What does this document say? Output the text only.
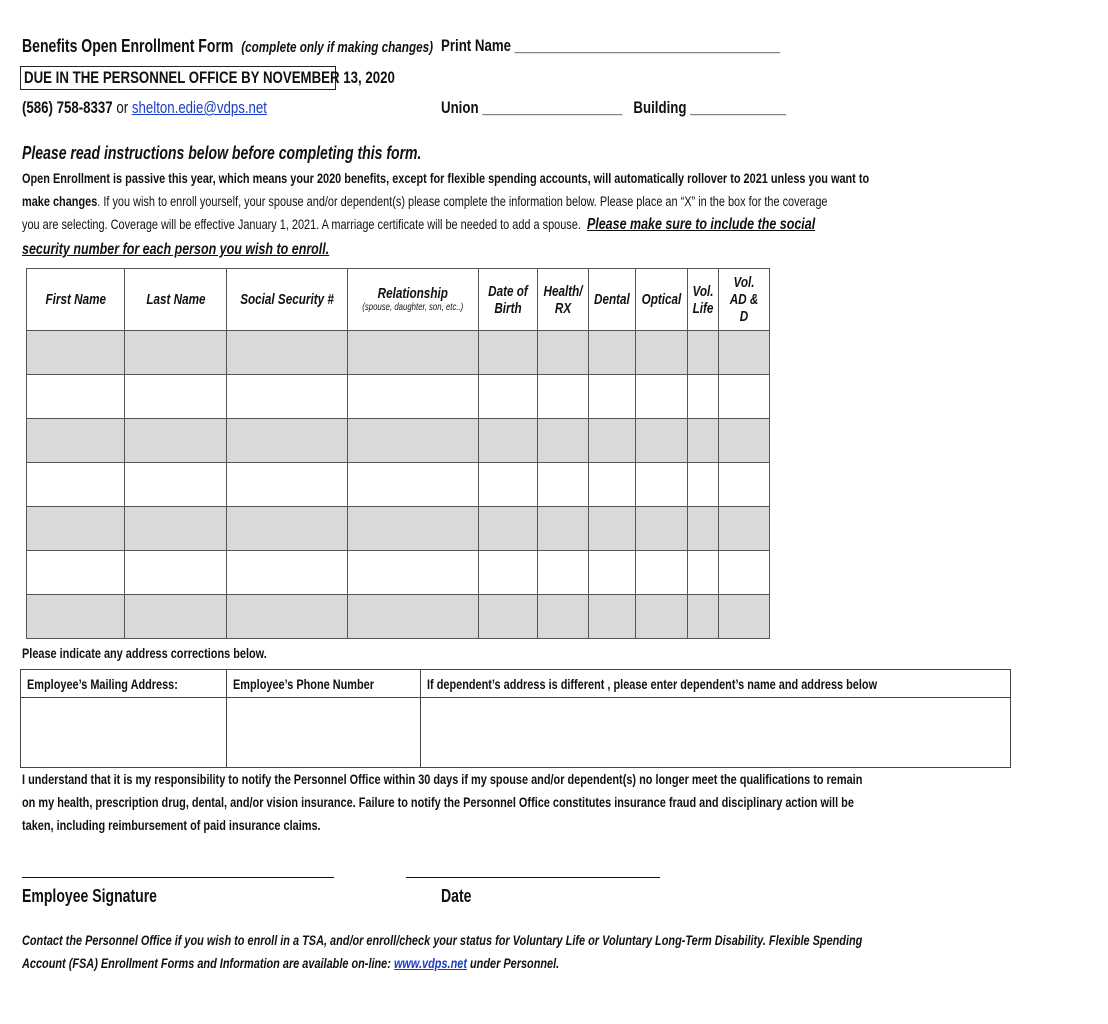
Benefits Open Enrollment Form (complete only if making changes) Print Name ____________________________________
DUE IN THE PERSONNEL OFFICE BY NOVEMBER 13, 2020
(586) 758-8337 or shelton.edie@vdps.net	Union ___________________ Building _____________
Please read instructions below before completing this form.
Open Enrollment is passive this year, which means your 2020 benefits, except for flexible spending accounts, will automatically rollover to 2021 unless you want to
make changes. If you wish to enroll yourself, your spouse and/or dependent(s) please complete the information below. Please place an “X” in the box for the coverage
you are selecting. Coverage will be effective January 1, 2021. A marriage certificate will be needed to add a spouse. Please make sure to include the social
security number for each person you wish to enroll.
First Name	Last Name	Social Security #	Relationship
(spouse, daughter, son, etc..)	Date of Birth	Health/ RX	Dental	Optical	Vol. Life	Vol. AD & D

Please indicate any address corrections below.
Employee’s Mailing Address:	Employee’s Phone Number	If dependent’s address is different , please enter dependent’s name and address below

I understand that it is my responsibility to notify the Personnel Office within 30 days if my spouse and/or dependent(s) no longer meet the qualifications to remain
on my health, prescription drug, dental, and/or vision insurance. Failure to notify the Personnel Office constitutes insurance fraud and disciplinary action will be
taken, including reimbursement of paid insurance claims.
Employee Signature	Date
Contact the Personnel Office if you wish to enroll in a TSA, and/or enroll/check your status for Voluntary Life or Voluntary Long-Term Disability. Flexible Spending
Account (FSA) Enrollment Forms and Information are available on-line: www.vdps.net under Personnel.
